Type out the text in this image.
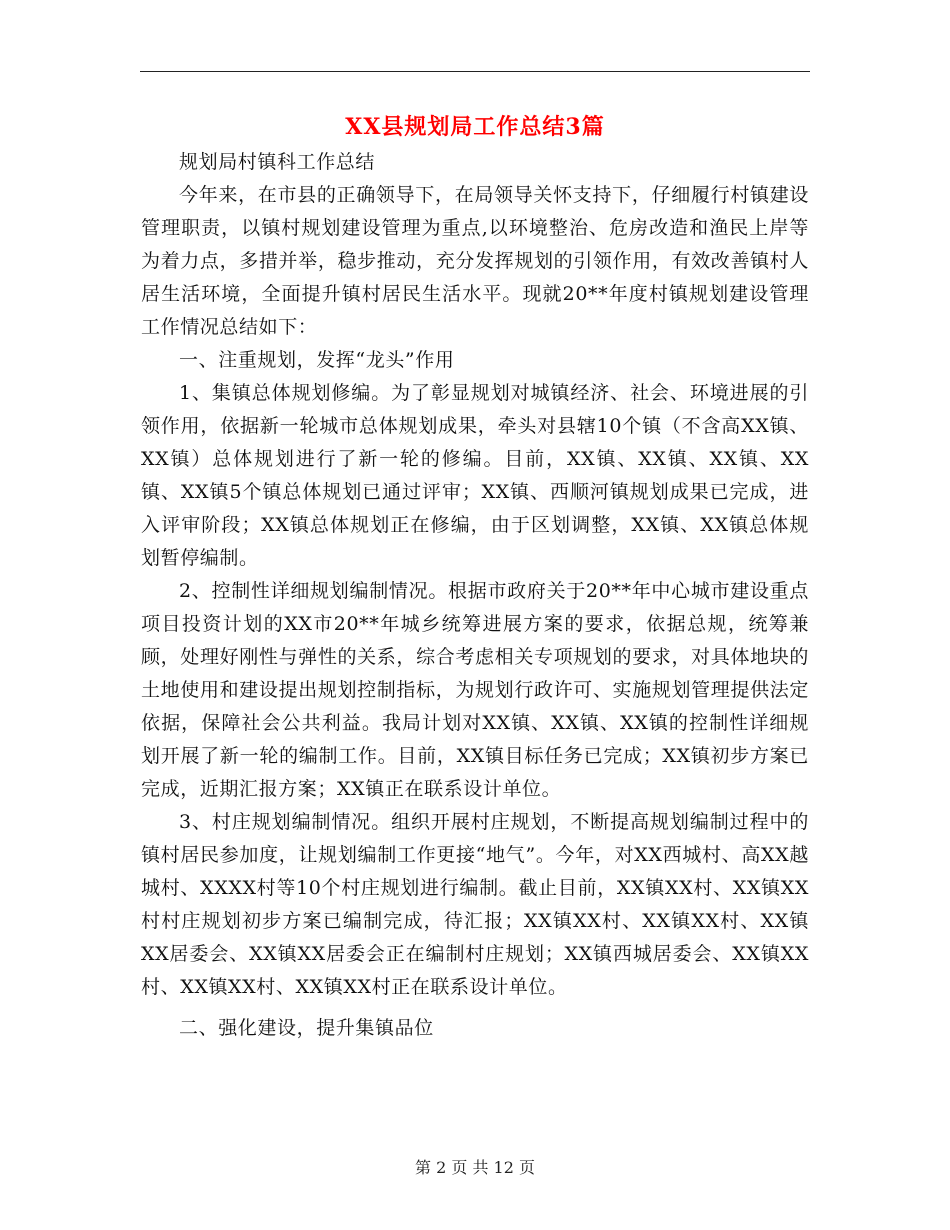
XX县规划局工作总结3篇

规划局村镇科工作总结

今年来，在市县的正确领导下，在局领导关怀支持下，仔细履行村镇建设管理职责，以镇村规划建设管理为重点,以环境整治、危房改造和渔民上岸等为着力点，多措并举，稳步推动，充分发挥规划的引领作用，有效改善镇村人居生活环境，全面提升镇村居民生活水平。现就20**年度村镇规划建设管理工作情况总结如下：

一、注重规划，发挥“龙头”作用

1、集镇总体规划修编。为了彰显规划对城镇经济、社会、环境进展的引领作用，依据新一轮城市总体规划成果，牵头对县辖10个镇（不含高XX镇、XX镇）总体规划进行了新一轮的修编。目前，XX镇、XX镇、XX镇、XX镇、XX镇5个镇总体规划已通过评审；XX镇、西顺河镇规划成果已完成，进入评审阶段；XX镇总体规划正在修编，由于区划调整，XX镇、XX镇总体规划暂停编制。

2、控制性详细规划编制情况。根据市政府关于20**年中心城市建设重点项目投资计划的XX市20**年城乡统筹进展方案的要求，依据总规，统筹兼顾，处理好刚性与弹性的关系，综合考虑相关专项规划的要求，对具体地块的土地使用和建设提出规划控制指标，为规划行政许可、实施规划管理提供法定依据，保障社会公共利益。我局计划对XX镇、XX镇、XX镇的控制性详细规划开展了新一轮的编制工作。目前，XX镇目标任务已完成；XX镇初步方案已完成，近期汇报方案；XX镇正在联系设计单位。

3、村庄规划编制情况。组织开展村庄规划，不断提高规划编制过程中的镇村居民参加度，让规划编制工作更接“地气”。今年，对XX西城村、高XX越城村、XXXX村等10个村庄规划进行编制。截止目前，XX镇XX村、XX镇XX村村庄规划初步方案已编制完成，待汇报；XX镇XX村、XX镇XX村、XX镇XX居委会、XX镇XX居委会正在编制村庄规划；XX镇西城居委会、XX镇XX村、XX镇XX村、XX镇XX村正在联系设计单位。

二、强化建设，提升集镇品位

第 2 页 共 12 页
